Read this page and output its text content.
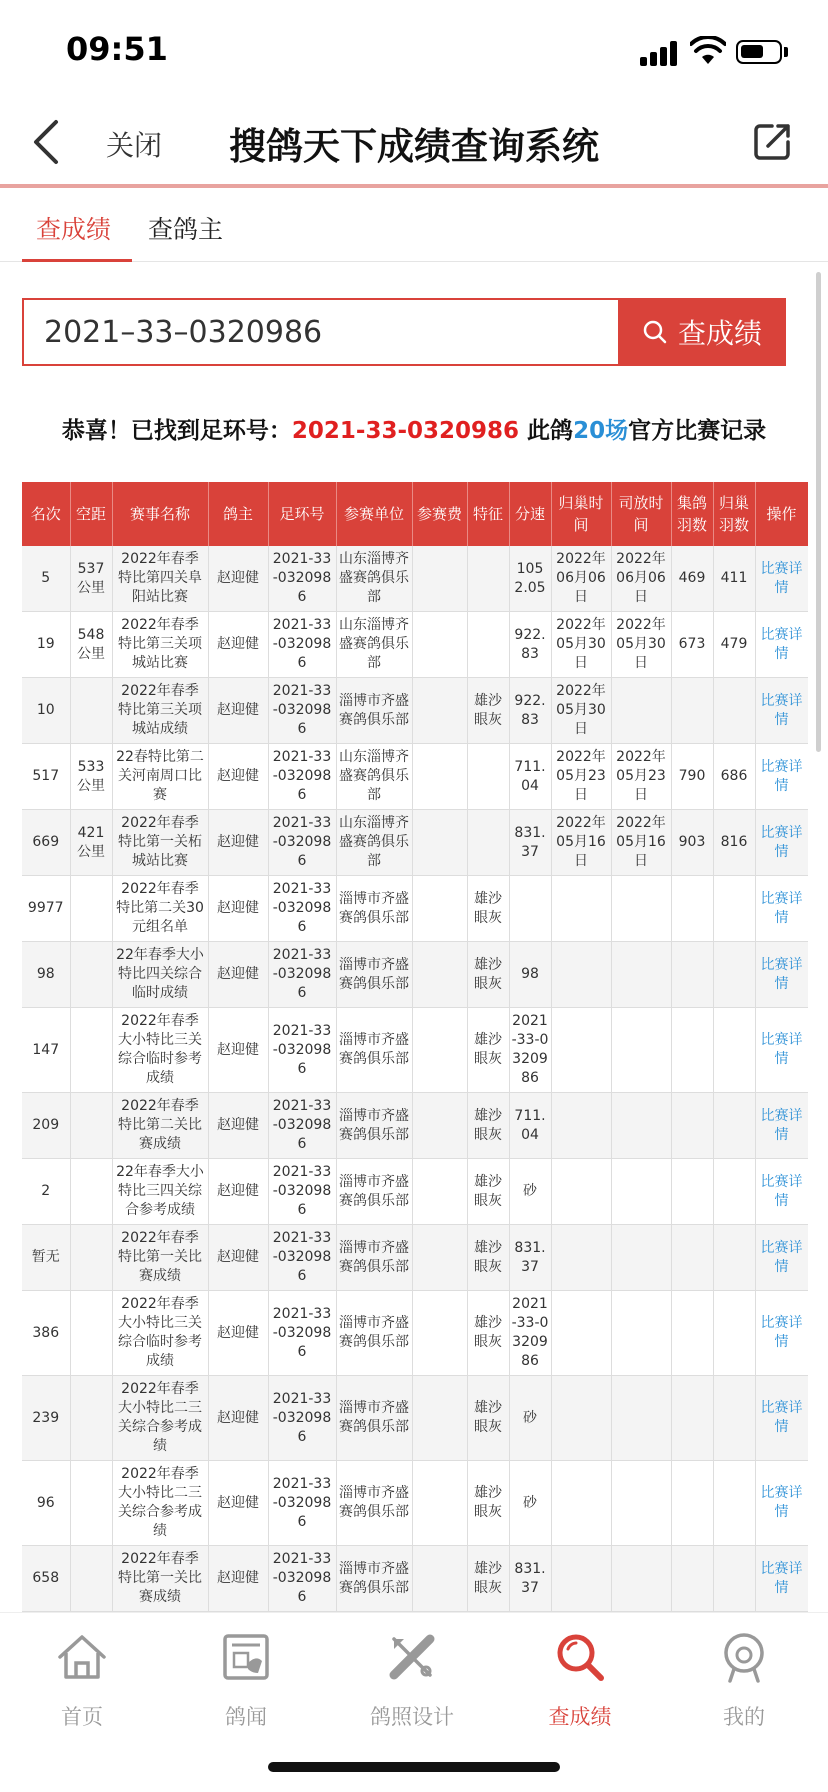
09:51
关闭	搜鸽天下成绩查询系统
查成绩 查鸽主
2021–33–0320986
查成绩
恭喜！已找到足环号：2021-33-0320986 此鸽20场官方比赛记录
名次	空距	赛事名称	鸽主	足环号	参赛单位	参赛费	特征	分速	归巢时间	司放时间	集鸽羽数	归巢羽数	操作
5	537公里	2022年春季特比第四关阜阳站比赛	赵迎健	2021-33-0320986	山东淄博齐盛赛鸽俱乐部			1052.05	2022年06月06日	2022年06月06日	469	411	比赛详情
19	548公里	2022年春季特比第三关项城站比赛	赵迎健	2021-33-0320986	山东淄博齐盛赛鸽俱乐部			922.83	2022年05月30日	2022年05月30日	673	479	比赛详情
10		2022年春季特比第三关项城站成绩	赵迎健	2021-33-0320986	淄博市齐盛赛鸽俱乐部		雄沙眼灰	922.83	2022年05月30日				比赛详情
517	533公里	22春特比第二关河南周口比赛	赵迎健	2021-33-0320986	山东淄博齐盛赛鸽俱乐部			711.04	2022年05月23日	2022年05月23日	790	686	比赛详情
669	421公里	2022年春季特比第一关柘城站比赛	赵迎健	2021-33-0320986	山东淄博齐盛赛鸽俱乐部			831.37	2022年05月16日	2022年05月16日	903	816	比赛详情
9977		2022年春季特比第二关30元组名单	赵迎健	2021-33-0320986	淄博市齐盛赛鸽俱乐部		雄沙眼灰						比赛详情
98		22年春季大小特比四关综合临时成绩	赵迎健	2021-33-0320986	淄博市齐盛赛鸽俱乐部		雄沙眼灰	98					比赛详情
147		2022年春季大小特比三关综合临时参考成绩	赵迎健	2021-33-0320986	淄博市齐盛赛鸽俱乐部		雄沙眼灰	2021-33-0320986					比赛详情
209		2022年春季特比第二关比赛成绩	赵迎健	2021-33-0320986	淄博市齐盛赛鸽俱乐部		雄沙眼灰	711.04					比赛详情
2		22年春季大小特比三四关综合参考成绩	赵迎健	2021-33-0320986	淄博市齐盛赛鸽俱乐部		雄沙眼灰	砂					比赛详情
暂无		2022年春季特比第一关比赛成绩	赵迎健	2021-33-0320986	淄博市齐盛赛鸽俱乐部		雄沙眼灰	831.37					比赛详情
386		2022年春季大小特比三关综合临时参考成绩	赵迎健	2021-33-0320986	淄博市齐盛赛鸽俱乐部		雄沙眼灰	2021-33-0320986					比赛详情
239		2022年春季大小特比二三关综合参考成绩	赵迎健	2021-33-0320986	淄博市齐盛赛鸽俱乐部		雄沙眼灰	砂					比赛详情
96		2022年春季大小特比二三关综合参考成绩	赵迎健	2021-33-0320986	淄博市齐盛赛鸽俱乐部		雄沙眼灰	砂					比赛详情
658		2022年春季特比第一关比赛成绩	赵迎健	2021-33-0320986	淄博市齐盛赛鸽俱乐部		雄沙眼灰	831.37					比赛详情
首页	鸽闻	鸽照设计	查成绩	我的
